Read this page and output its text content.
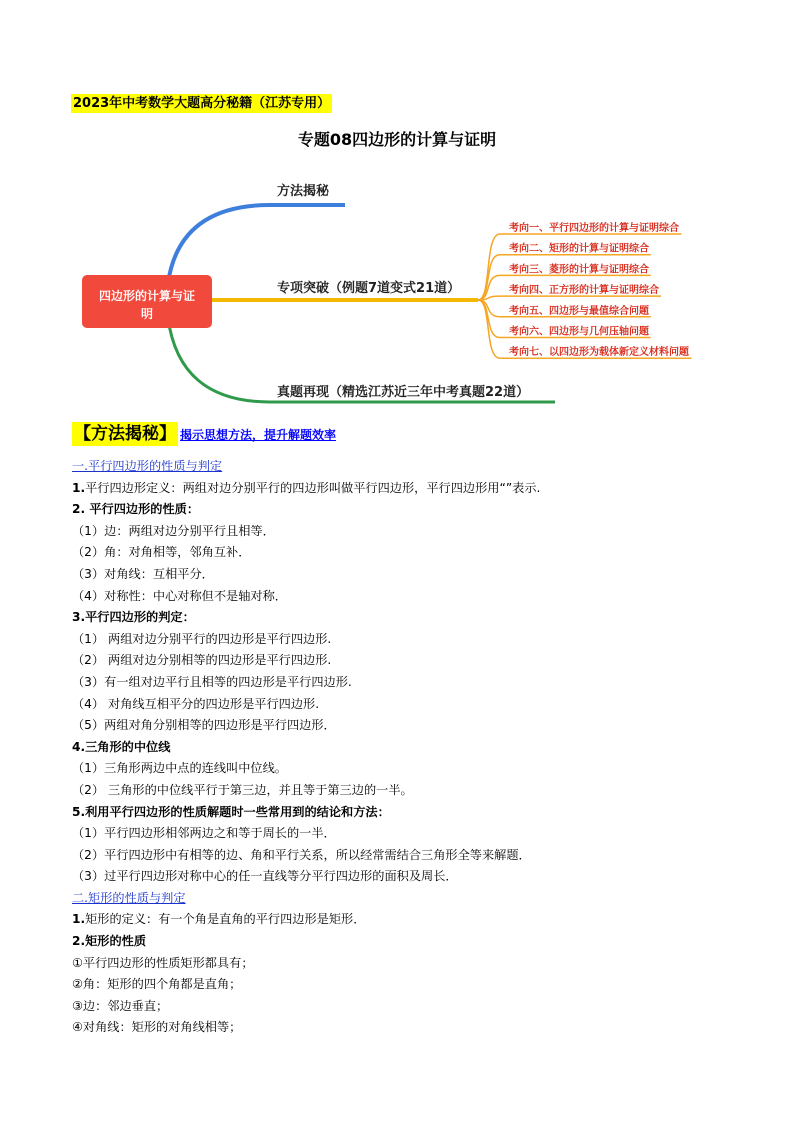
2023年中考数学大题高分秘籍（江苏专用）
专题08四边形的计算与证明
四边形的计算与证
明
方法揭秘
专项突破（例题7道变式21道）
真题再现（精选江苏近三年中考真题22道）
考向一、平行四边形的计算与证明综合
考向二、矩形的计算与证明综合
考向三、菱形的计算与证明综合
考向四、正方形的计算与证明综合
考向五、四边形与最值综合问题
考向六、四边形与几何压轴问题
考向七、以四边形为载体新定义材料问题
【方法揭秘】 揭示思想方法，提升解题效率
一.平行四边形的性质与判定
1.平行四边形定义：两组对边分别平行的四边形叫做平行四边形，平行四边形用“”表示.
2. 平行四边形的性质：
（1）边：两组对边分别平行且相等．
（2）角：对角相等，邻角互补．
（3）对角线：互相平分．
（4）对称性：中心对称但不是轴对称．
3.平行四边形的判定：
（1） 两组对边分别平行的四边形是平行四边形.
（2） 两组对边分别相等的四边形是平行四边形.
（3）有一组对边平行且相等的四边形是平行四边形.
（4） 对角线互相平分的四边形是平行四边形.
（5）两组对角分别相等的四边形是平行四边形．
4.三角形的中位线
（1）三角形两边中点的连线叫中位线。
（2） 三角形的中位线平行于第三边，并且等于第三边的一半。
5.利用平行四边形的性质解题时一些常用到的结论和方法：
（1）平行四边形相邻两边之和等于周长的一半．
（2）平行四边形中有相等的边、角和平行关系，所以经常需结合三角形全等来解题．
（3）过平行四边形对称中心的任一直线等分平行四边形的面积及周长．
二.矩形的性质与判定
1.矩形的定义：有一个角是直角的平行四边形是矩形．
2.矩形的性质
①平行四边形的性质矩形都具有；
②角：矩形的四个角都是直角；
③边：邻边垂直；
④对角线：矩形的对角线相等；
